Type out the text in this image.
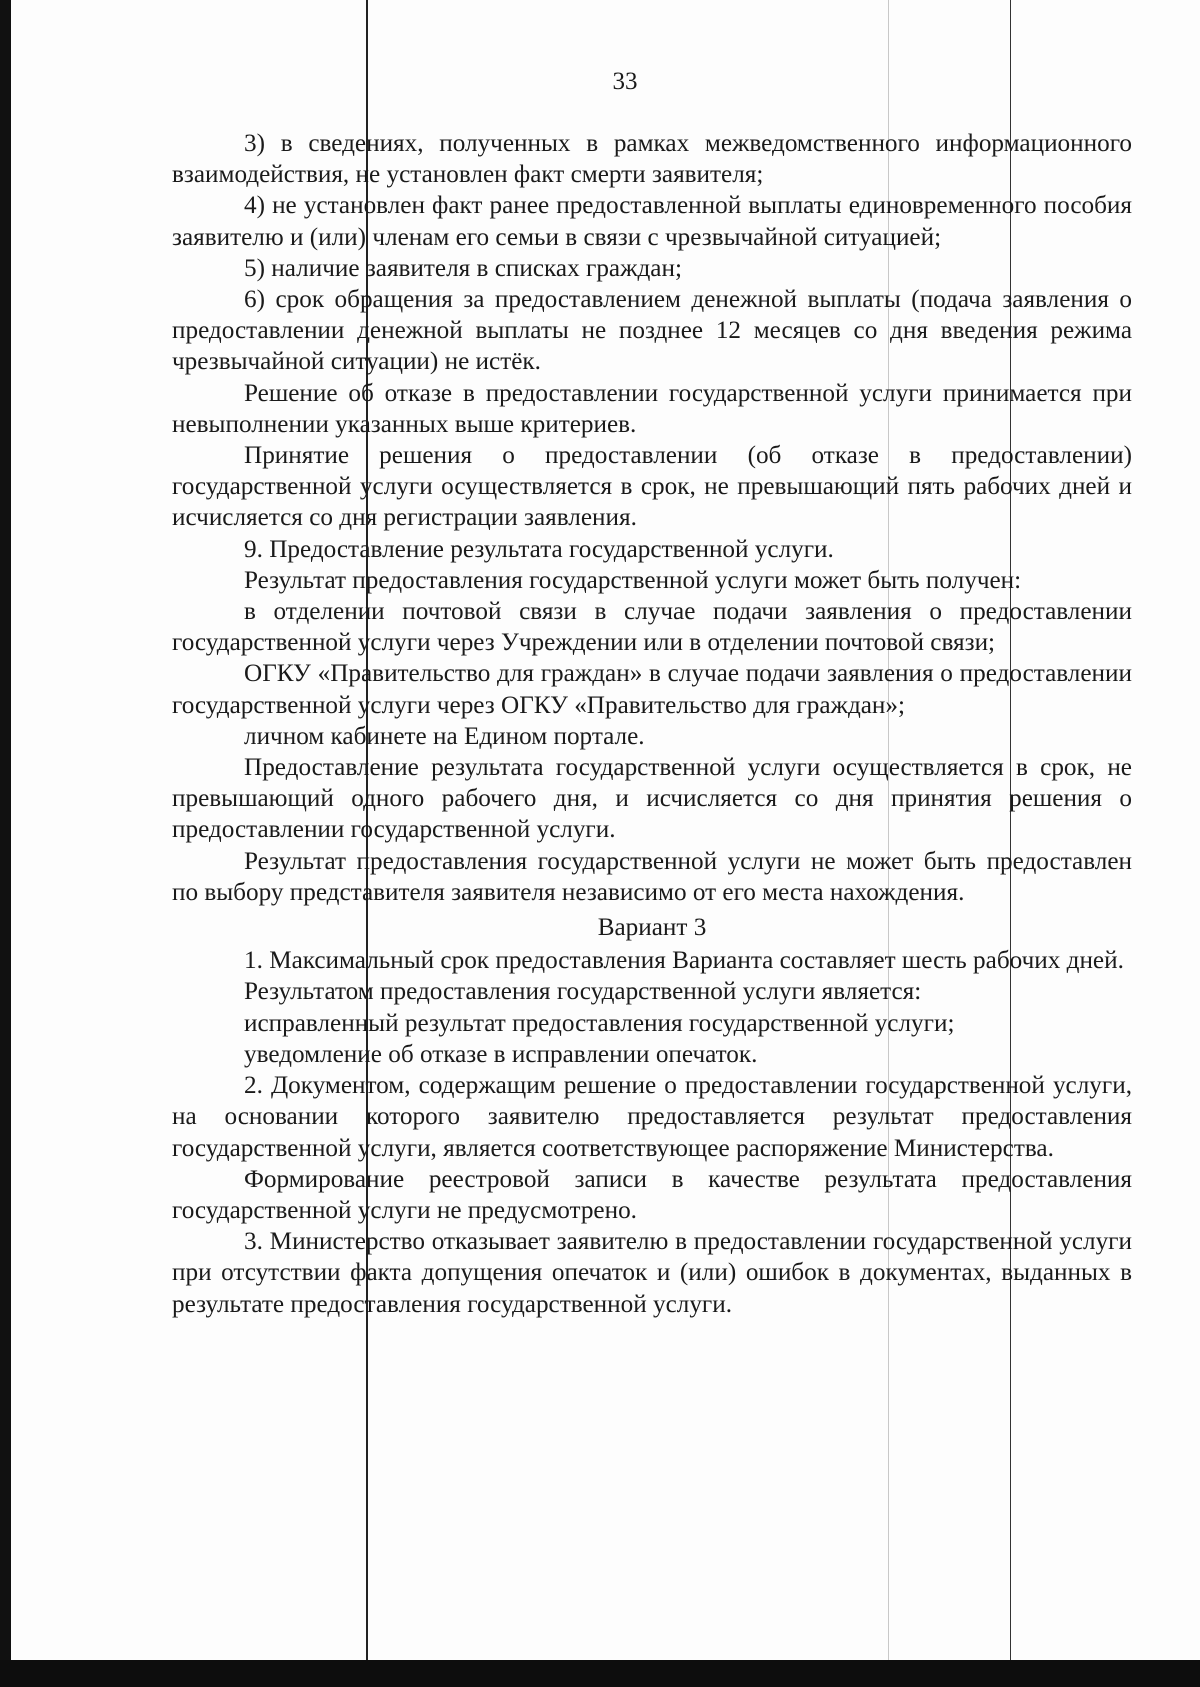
33

3) в сведениях, полученных в рамках межведомственного информационного взаимодействия, не установлен факт смерти заявителя;

4) не установлен факт ранее предоставленной выплаты единовременного пособия заявителю и (или) членам его семьи в связи с чрезвычайной ситуацией;

5) наличие заявителя в списках граждан;

6) срок обращения за предоставлением денежной выплаты (подача заявления о предоставлении денежной выплаты не позднее 12 месяцев со дня введения режима чрезвычайной ситуации) не истёк.

Решение об отказе в предоставлении государственной услуги принимается при невыполнении указанных выше критериев.

Принятие решения о предоставлении (об отказе в предоставлении) государственной услуги осуществляется в срок, не превышающий пять рабочих дней и исчисляется со дня регистрации заявления.

9. Предоставление результата государственной услуги.

Результат предоставления государственной услуги может быть получен:

в отделении почтовой связи в случае подачи заявления о предоставлении государственной услуги через Учреждении или в отделении почтовой связи;

ОГКУ «Правительство для граждан» в случае подачи заявления о предоставлении государственной услуги через ОГКУ «Правительство для граждан»;

личном кабинете на Едином портале.

Предоставление результата государственной услуги осуществляется в срок, не превышающий одного рабочего дня, и исчисляется со дня принятия решения о предоставлении государственной услуги.

Результат предоставления государственной услуги не может быть предоставлен по выбору представителя заявителя независимо от его места нахождения.

Вариант 3

1. Максимальный срок предоставления Варианта составляет шесть рабочих дней.

Результатом предоставления государственной услуги является:

исправленный результат предоставления государственной услуги;

уведомление об отказе в исправлении опечаток.

2. Документом, содержащим решение о предоставлении государственной услуги, на основании которого заявителю предоставляется результат предоставления государственной услуги, является соответствующее распоряжение Министерства.

Формирование реестровой записи в качестве результата предоставления государственной услуги не предусмотрено.

3. Министерство отказывает заявителю в предоставлении государственной услуги при отсутствии факта допущения опечаток и (или) ошибок в документах, выданных в результате предоставления государственной услуги.
